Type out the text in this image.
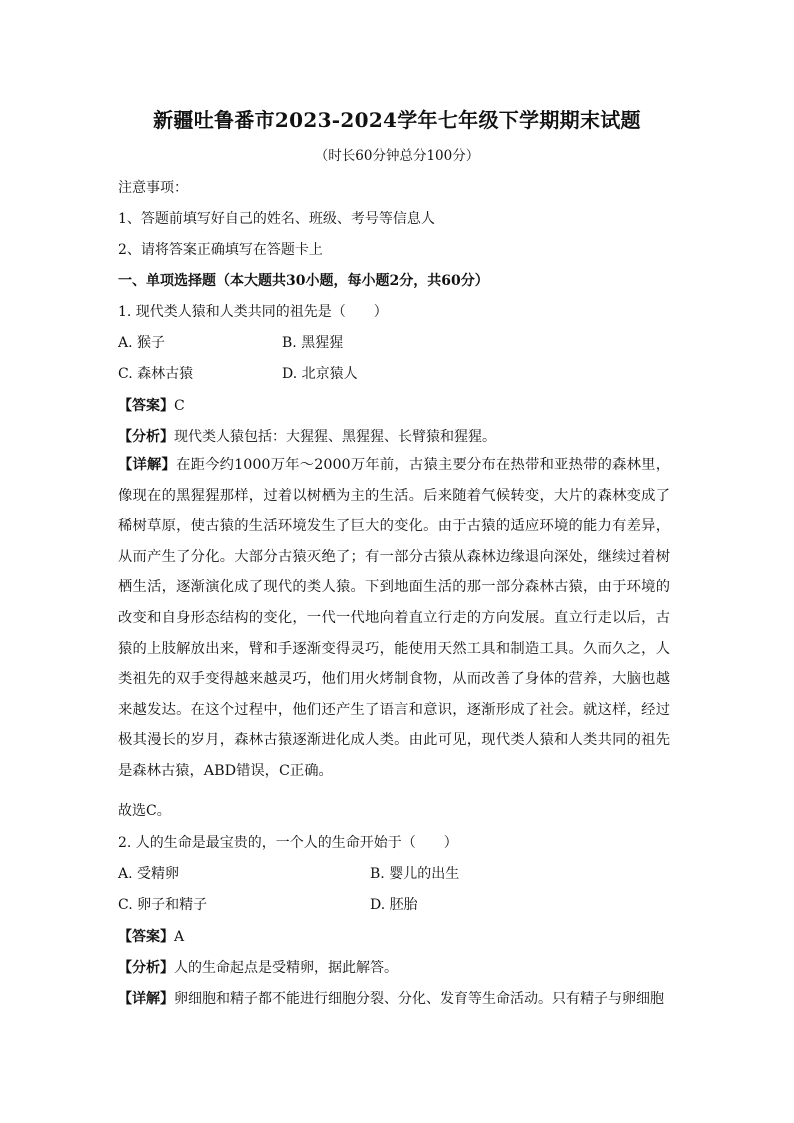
新疆吐鲁番市2023-2024学年七年级下学期期末试题
（时长60分钟总分100分）
注意事项：
1、答题前填写好自己的姓名、班级、考号等信息人
2、请将答案正确填写在答题卡上
一、单项选择题（本大题共30小题，每小题2分，共60分）
1. 现代类人猿和人类共同的祖先是（　　）
A. 猴子	B. 黑猩猩
C. 森林古猿	D. 北京猿人
【答案】C
【分析】现代类人猿包括：大猩猩、黑猩猩、长臂猿和猩猩。
【详解】在距今约1000万年～2000万年前，古猿主要分布在热带和亚热带的森林里，像现在的黑猩猩那样，过着以树栖为主的生活。后来随着气候转变，大片的森林变成了稀树草原，使古猿的生活环境发生了巨大的变化。由于古猿的适应环境的能力有差异，从而产生了分化。大部分古猿灭绝了；有一部分古猿从森林边缘退向深处，继续过着树栖生活，逐渐演化成了现代的类人猿。下到地面生活的那一部分森林古猿，由于环境的改变和自身形态结构的变化，一代一代地向着直立行走的方向发展。直立行走以后，古猿的上肢解放出来，臂和手逐渐变得灵巧，能使用天然工具和制造工具。久而久之，人类祖先的双手变得越来越灵巧，他们用火烤制食物，从而改善了身体的营养，大脑也越来越发达。在这个过程中，他们还产生了语言和意识，逐渐形成了社会。就这样，经过极其漫长的岁月，森林古猿逐渐进化成人类。由此可见，现代类人猿和人类共同的祖先是森林古猿，ABD错误，C正确。
故选C。
2. 人的生命是最宝贵的，一个人的生命开始于（　　）
A. 受精卵	B. 婴儿的出生
C. 卵子和精子	D. 胚胎
【答案】A
【分析】人的生命起点是受精卵，据此解答。
【详解】卵细胞和精子都不能进行细胞分裂、分化、发育等生命活动。只有精子与卵细胞
